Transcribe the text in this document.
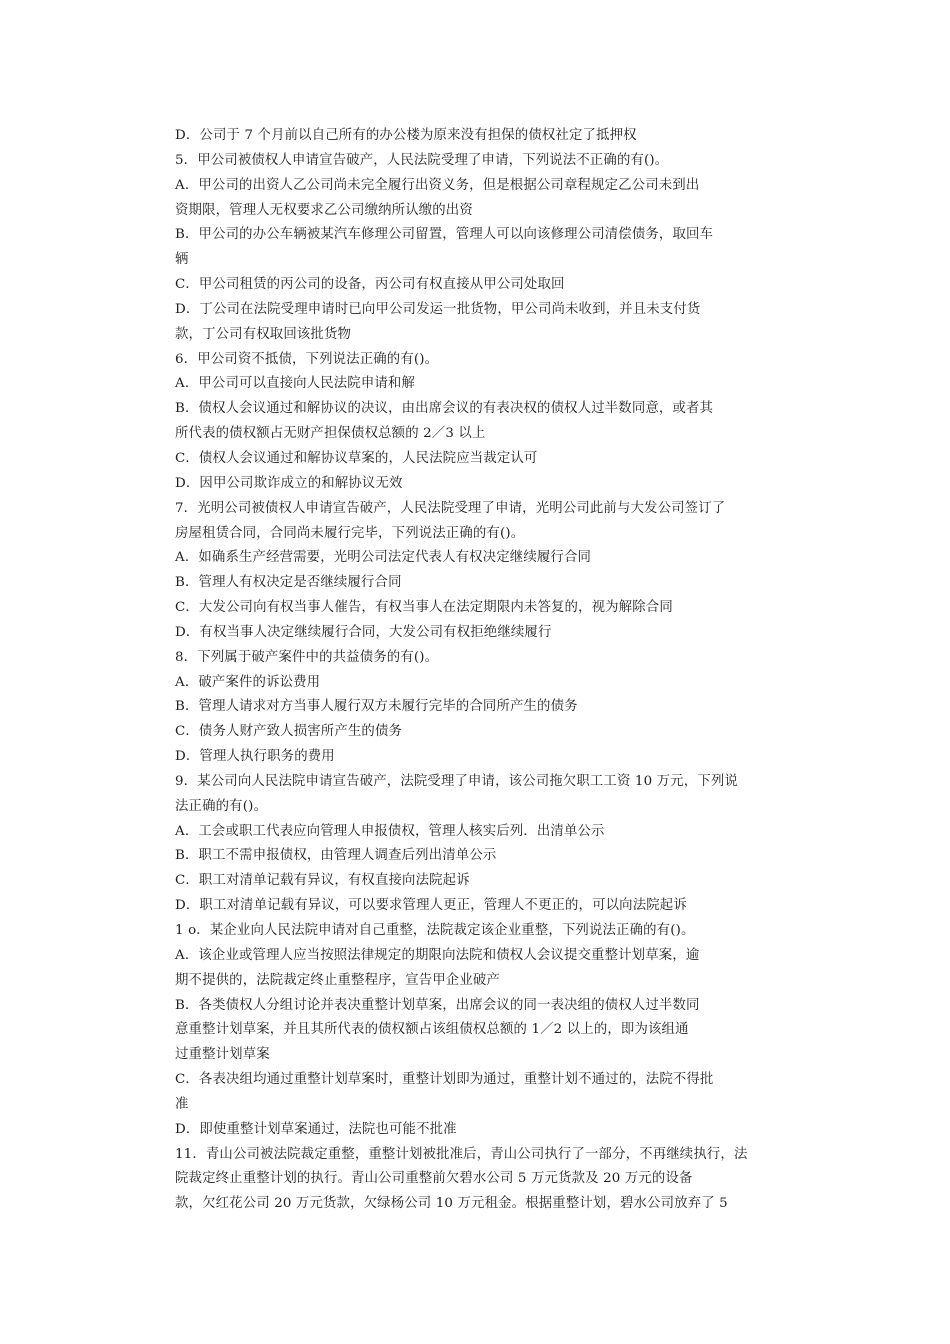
D．公司于 7 个月前以自己所有的办公楼为原来没有担保的债权社定了抵押权
5．甲公司被债权人申请宣告破产，人民法院受理了申请，下列说法不正确的有()。
A．甲公司的出资人乙公司尚未完全履行出资义务，但是根据公司章程规定乙公司未到出
资期限，管理人无权要求乙公司缴纳所认缴的出资
B．甲公司的办公车辆被某汽车修理公司留置，管理人可以向该修理公司清偿债务，取回车
辆
C．甲公司租赁的丙公司的设备，丙公司有权直接从甲公司处取回
D．丁公司在法院受理申请时已向甲公司发运一批货物，甲公司尚未收到，并且未支付货
款，丁公司有权取回该批货物
6．甲公司资不抵债，下列说法正确的有()。
A．甲公司可以直接向人民法院申请和解
B．债权人会议通过和解协议的决议，由出席会议的有表决权的债权人过半数同意，或者其
所代表的债权额占无财产担保债权总额的 2／3 以上
C．债权人会议通过和解协议草案的，人民法院应当裁定认可
D．因甲公司欺诈成立的和解协议无效
7．光明公司被债权人申请宣告破产，人民法院受理了申请，光明公司此前与大发公司签订了
房屋租赁合同，合同尚未履行完毕，下列说法正确的有()。
A．如确系生产经营需要，光明公司法定代表人有权决定继续履行合同
B．管理人有权决定是否继续履行合同
C．大发公司向有权当事人催告，有权当事人在法定期限内未答复的，视为解除合同
D．有权当事人决定继续履行合同，大发公司有权拒绝继续履行
8．下列属于破产案件中的共益债务的有()。
A．破产案件的诉讼费用
B．管理人请求对方当事人履行双方未履行完毕的合同所产生的债务
C．债务人财产致人损害所产生的债务
D．管理人执行职务的费用
9．某公司向人民法院申请宣告破产，法院受理了申请，该公司拖欠职工工资 10 万元，下列说
法正确的有()。
A．工会或职工代表应向管理人申报债权，管理人核实后列．出清单公示
B．职工不需申报债权，由管理人调查后列出清单公示
C．职工对清单记载有异议，有权直接向法院起诉
D．职工对清单记载有异议，可以要求管理人更正，管理人不更正的，可以向法院起诉
1 o．某企业向人民法院申请对自己重整，法院裁定该企业重整，下列说法正确的有()。
A．该企业或管理人应当按照法律规定的期限向法院和债权人会议提交重整计划草案，逾
期不提供的，法院裁定终止重整程序，宣告甲企业破产
B．各类债权人分组讨论并表决重整计划草案，出席会议的同一表决组的债权人过半数同
意重整计划草案，并且其所代表的债权额占该组债权总额的 1／2 以上的，即为该组通
过重整计划草案
C．各表决组均通过重整计划草案时，重整计划即为通过，重整计划不通过的，法院不得批
准
D．即使重整计划草案通过，法院也可能不批准
11．青山公司被法院裁定重整，重整计划被批准后，青山公司执行了一部分，不再继续执行，法
院裁定终止重整计划的执行。青山公司重整前欠碧水公司 5 万元货款及 20 万元的设备
款，欠红花公司 20 万元货款，欠绿杨公司 10 万元租金。根据重整计划，碧水公司放弃了 5
